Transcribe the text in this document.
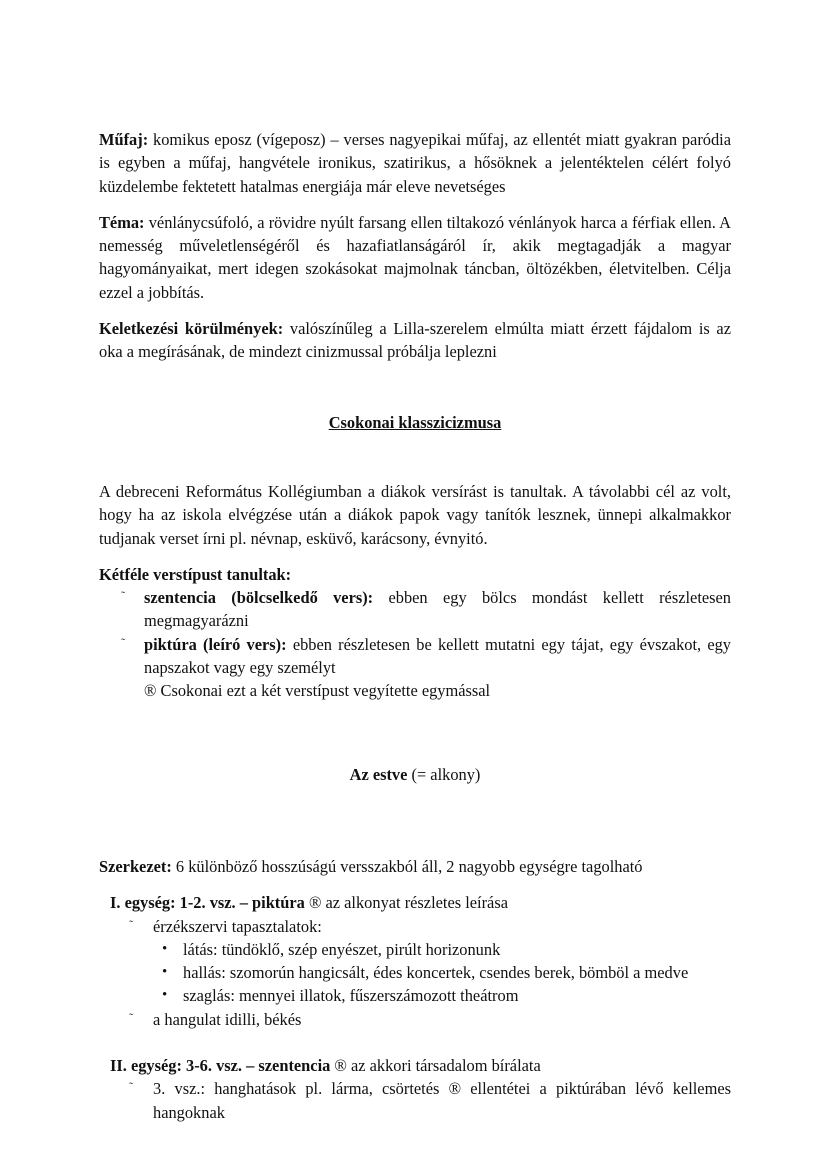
Műfaj: komikus eposz (vígeposz) – verses nagyepikai műfaj, az ellentét miatt gyakran paródia is egyben a műfaj, hangvétele ironikus, szatirikus, a hősöknek a jelentéktelen célért folyó küzdelembe fektetett hatalmas energiája már eleve nevetséges

Téma: vénlánycsúfoló, a rövidre nyúlt farsang ellen tiltakozó vénlányok harca a férfiak ellen. A nemesség műveletlenségéről és hazafiatlanságáról ír, akik megtagadják a magyar hagyományaikat, mert idegen szokásokat majmolnak táncban, öltözékben, életvitelben. Célja ezzel a jobbítás.

Keletkezési körülmények: valószínűleg a Lilla-szerelem elmúlta miatt érzett fájdalom is az oka a megírásának, de mindezt cinizmussal próbálja leplezni

Csokonai klasszicizmusa

A debreceni Református Kollégiumban a diákok versírást is tanultak. A távolabbi cél az volt, hogy ha az iskola elvégzése után a diákok papok vagy tanítók lesznek, ünnepi alkalmakkor tudjanak verset írni pl. névnap, esküvő, karácsony, évnyitó.

Kétféle verstípust tanultak:

˜ szentencia (bölcselkedő vers): ebben egy bölcs mondást kellett részletesen megmagyarázni
˜ piktúra (leíró vers): ebben részletesen be kellett mutatni egy tájat, egy évszakot, egy napszakot vagy egy személyt

® Csokonai ezt a két verstípust vegyítette egymással

Az estve (= alkony)

Szerkezet: 6 különböző hosszúságú versszakból áll, 2 nagyobb egységre tagolható

I. egység: 1-2. vsz. – piktúra ® az alkonyat részletes leírása

˜ érzékszervi tapasztalatok:
• látás: tündöklő, szép enyészet, pirúlt horizonunk
• hallás: szomorún hangicsált, édes koncertek, csendes berek, bömböl a medve
• szaglás: mennyei illatok, fűszerszámozott theátrom
˜ a hangulat idilli, békés

II. egység: 3-6. vsz. – szentencia ® az akkori társadalom bírálata

˜ 3. vsz.: hanghatások pl. lárma, csörtetés ® ellentétei a piktúrában lévő kellemes hangoknak
